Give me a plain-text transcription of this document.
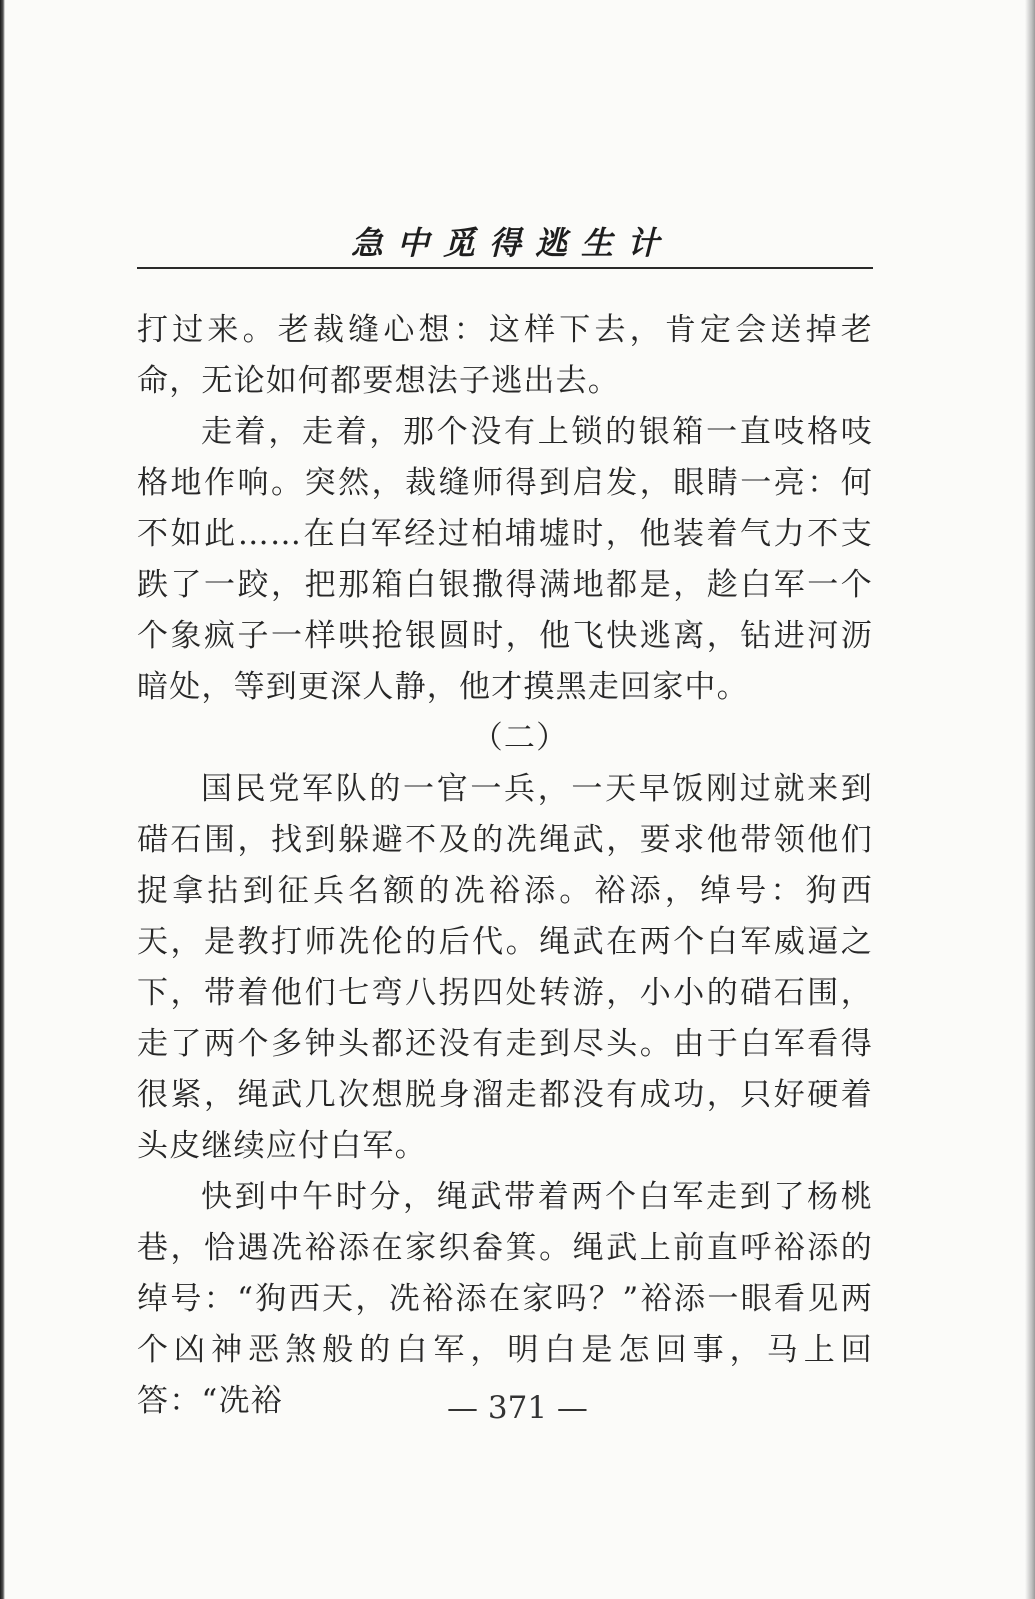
急中觅得逃生计

打过来。老裁缝心想：这样下去，肯定会送掉老命，无论如何都要想法子逃出去。

走着，走着，那个没有上锁的银箱一直吱格吱格地作响。突然，裁缝师得到启发，眼睛一亮：何不如此……在白军经过柏埔墟时，他装着气力不支跌了一跤，把那箱白银撒得满地都是，趁白军一个个象疯子一样哄抢银圆时，他飞快逃离，钻进河沥暗处，等到更深人静，他才摸黑走回家中。

（二）

国民党军队的一官一兵，一天早饭刚过就来到碏石围，找到躲避不及的冼绳武，要求他带领他们捉拿拈到征兵名额的冼裕添。裕添，绰号：狗西天，是教打师冼伦的后代。绳武在两个白军威逼之下，带着他们七弯八拐四处转游，小小的碏石围，走了两个多钟头都还没有走到尽头。由于白军看得很紧，绳武几次想脱身溜走都没有成功，只好硬着头皮继续应付白军。

快到中午时分，绳武带着两个白军走到了杨桃巷，恰遇冼裕添在家织畚箕。绳武上前直呼裕添的绰号：“狗西天，冼裕添在家吗？”裕添一眼看见两个凶神恶煞般的白军，明白是怎回事，马上回答：“冼裕	— 371 —
